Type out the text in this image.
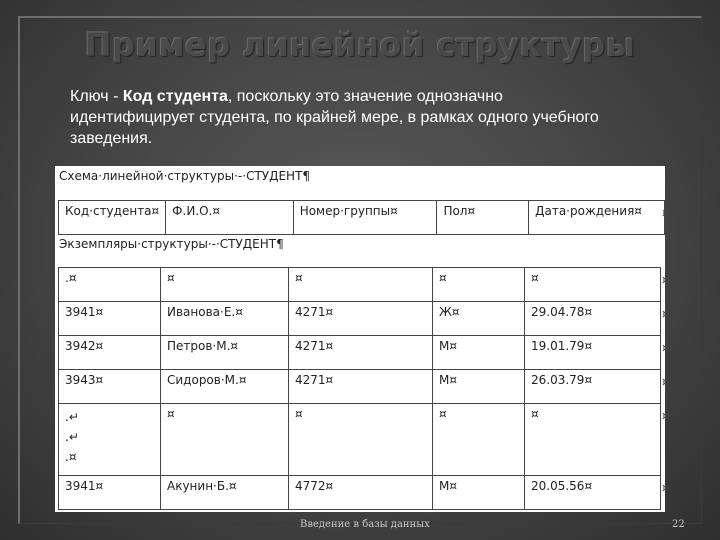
Пример линейной структуры
Ключ - Код студента, поскольку это значение однозначно идентифицирует студента, по крайней мере, в рамках одного учебного заведения.
Схема·линейной·структуры·-·СТУДЕНТ¶
Код·студента¤	Ф.И.О.¤	Номер·группы¤	Пол¤	Дата·рождения¤ ¤
Экземпляры·структуры·-·СТУДЕНТ¶
.¤	¤	¤	¤	¤
3941¤	Иванова·Е.¤	4271¤	Ж¤	29.04.78¤
3942¤	Петров·М.¤	4271¤	М¤	19.01.79¤
3943¤	Сидоров·М.¤	4271¤	М¤	26.03.79¤
.↵
.↵
.¤	¤	¤	¤	¤
3941¤	Акунин·Б.¤	4772¤	М¤	20.05.56¤
¤
¤
¤
¤
¤
¤
Введение в базы данных	22
